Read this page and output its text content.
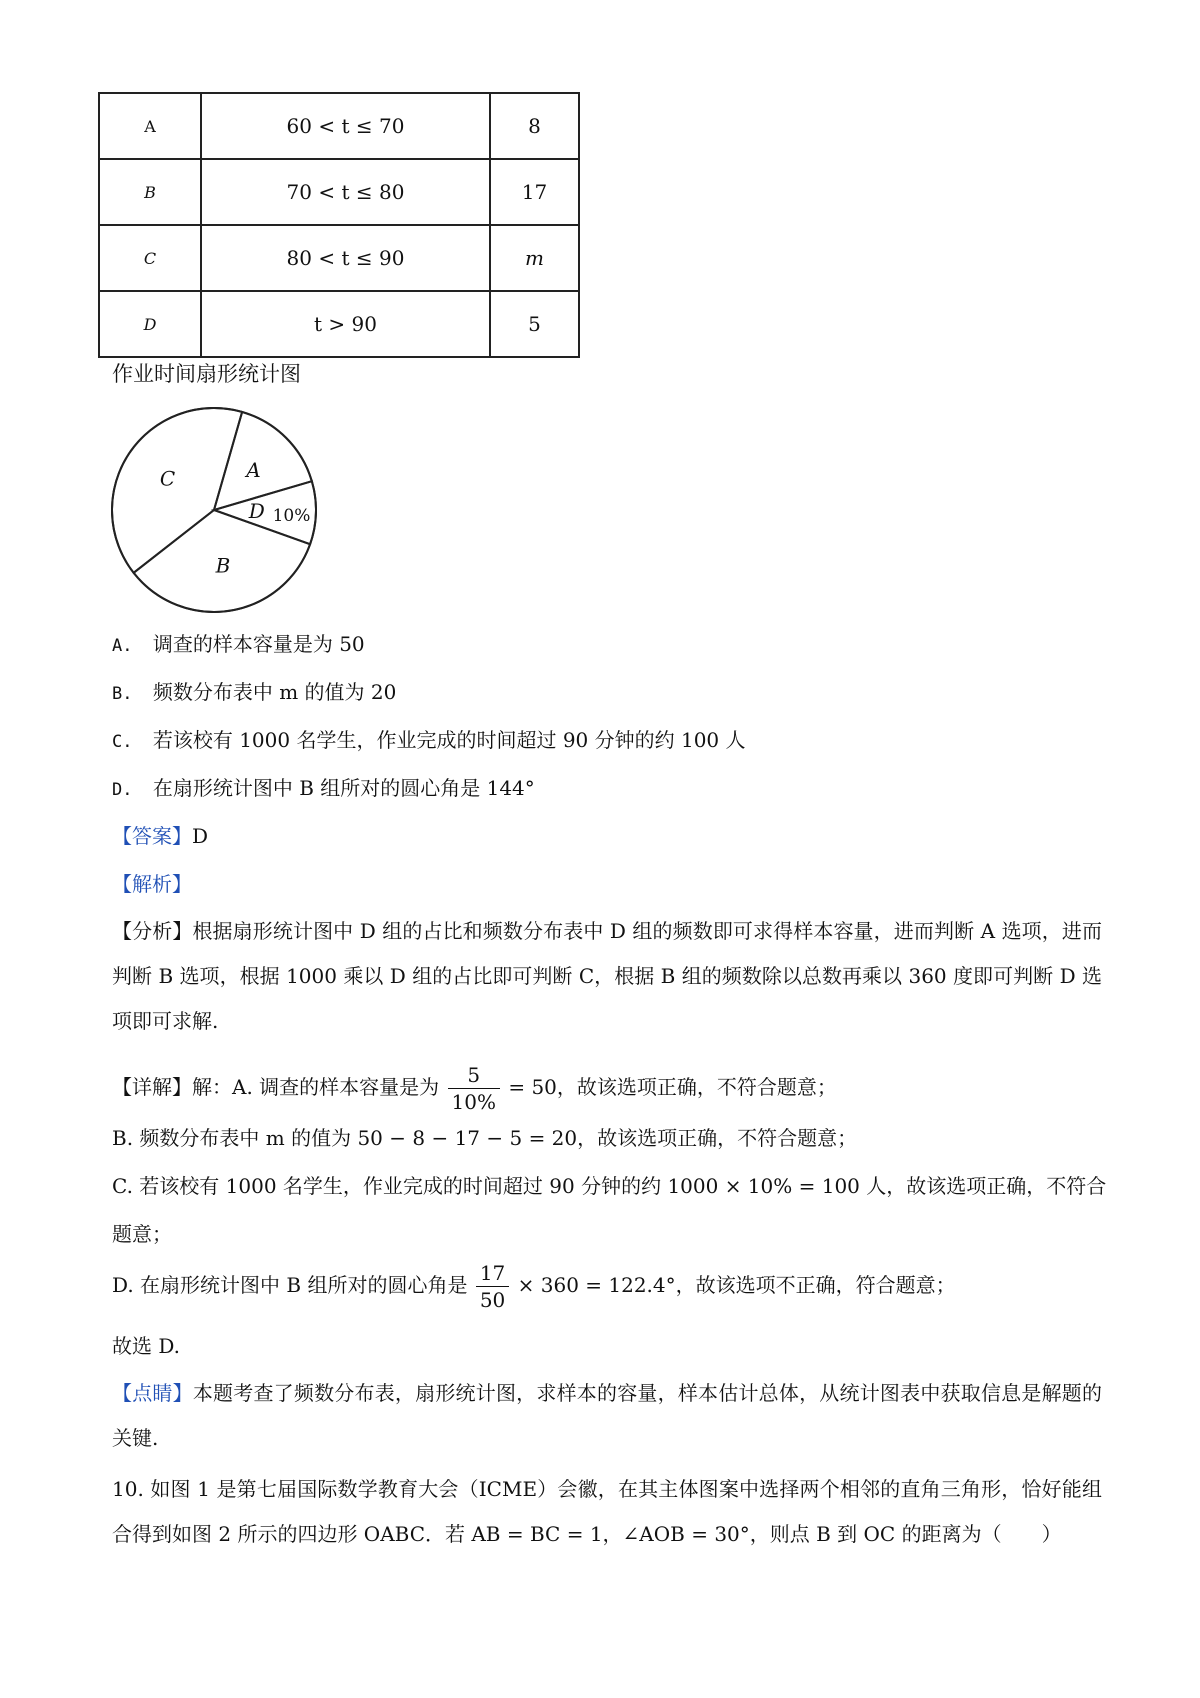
A	60 < t ≤ 70	8
B	70 < t ≤ 80	17
C	80 < t ≤ 90	m
D	t > 90	5
作业时间扇形统计图
A
D 10%
B
C
A. 调查的样本容量是为 50
B. 频数分布表中 m 的值为 20
C. 若该校有 1000 名学生，作业完成的时间超过 90 分钟的约 100 人
D. 在扇形统计图中 B 组所对的圆心角是 144°
【答案】D
【解析】
【分析】根据扇形统计图中 D 组的占比和频数分布表中 D 组的频数即可求得样本容量，进而判断 A 选项，进而判断 B 选项，根据 1000 乘以 D 组的占比即可判断 C，根据 B 组的频数除以总数再乘以 360 度即可判断 D 选项即可求解.
【详解】解：A. 调查的样本容量是为 $\frac{5}{10\%} = 50$，故该选项正确，不符合题意；
B. 频数分布表中 m 的值为 50 − 8 − 17 − 5 = 20，故该选项正确，不符合题意；
C. 若该校有 1000 名学生，作业完成的时间超过 90 分钟的约 1000 × 10% = 100 人，故该选项正确，不符合
题意；
D. 在扇形统计图中 B 组所对的圆心角是 $\frac{17}{50} \times 360 = 122.4^\circ$，故该选项不正确，符合题意；
故选 D.
【点睛】本题考查了频数分布表，扇形统计图，求样本的容量，样本估计总体，从统计图表中获取信息是解题的关键.
10. 如图 1 是第七届国际数学教育大会（ICME）会徽，在其主体图案中选择两个相邻的直角三角形，恰好能组合得到如图 2 所示的四边形 OABC．若 AB = BC = 1，∠AOB = 30°，则点 B 到 OC 的距离为（　　）
